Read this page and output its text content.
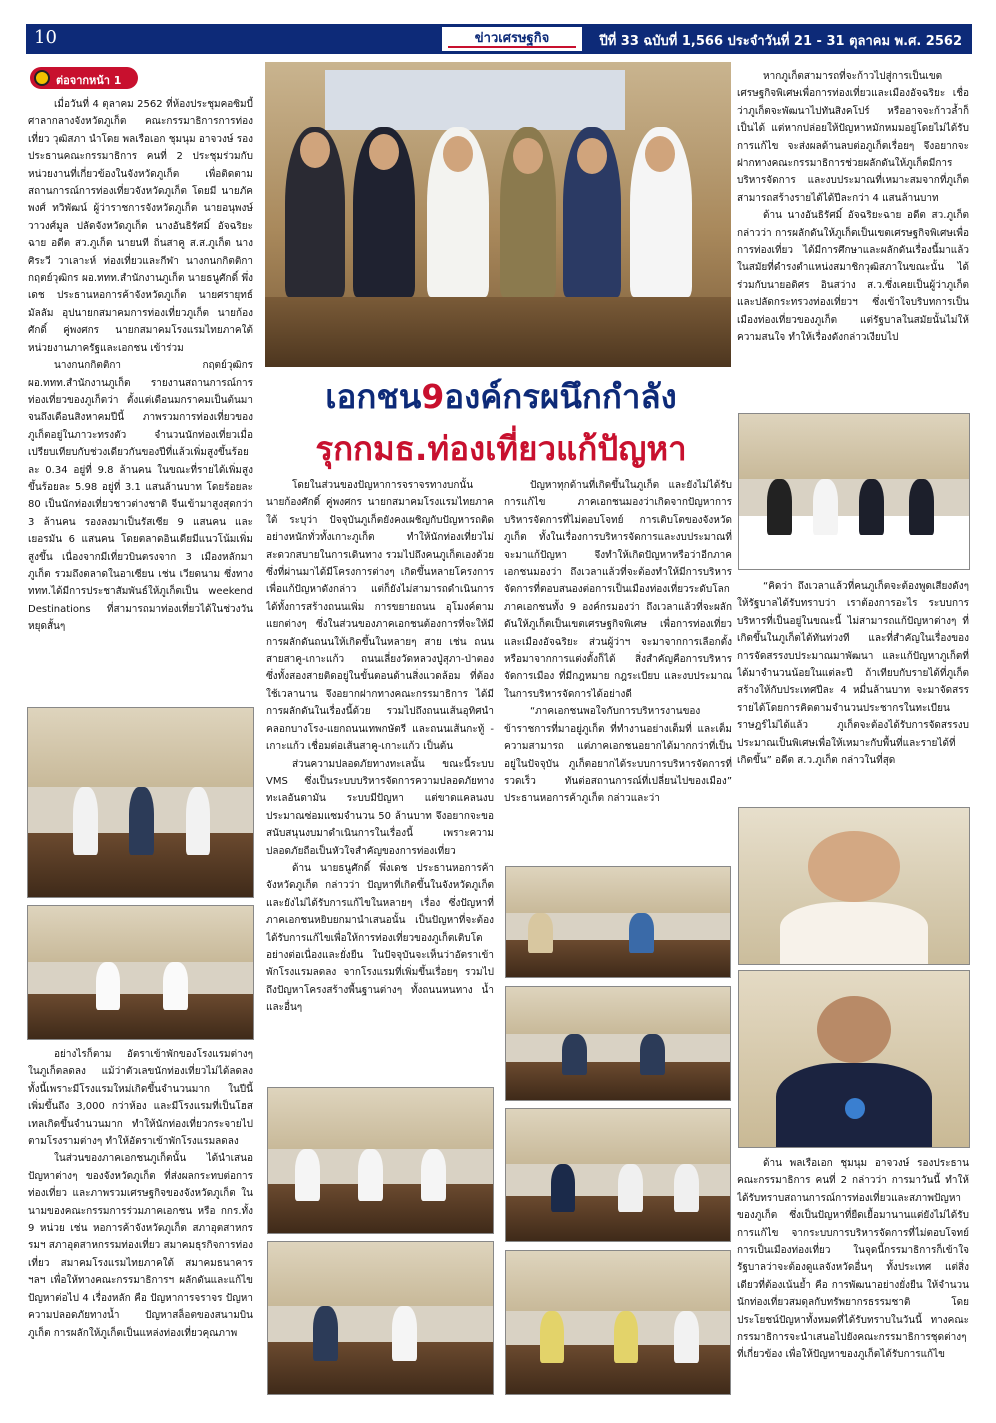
10	ข่าวเศรษฐกิจ	ปีที่ 33 ฉบับที่ 1,566 ประจำวันที่ 21 - 31 ตุลาคม พ.ศ. 2562
ต่อจากหน้า 1

เมื่อวันที่ 4 ตุลาคม 2562 ที่ห้องประชุมคอซิมบี้ ศาลากลางจังหวัดภูเก็ต คณะกรรมาธิการการท่องเที่ยว วุฒิสภา นำโดย พลเรือเอก ชุมนุม อาจวงษ์ รองประธานคณะกรรมาธิการ คนที่ 2 ประชุมร่วมกับหน่วยงานที่เกี่ยวข้องในจังหวัดภูเก็ต เพื่อติดตามสถานการณ์การท่องเที่ยวจังหวัดภูเก็ต โดยมี นายภัคพงศ์ ทวิพัฒน์ ผู้ว่าราชการจังหวัดภูเก็ต นายอนุพงษ์ วาวงศ์มูล ปลัดจังหวัดภูเก็ต นางอันธิรัศมิ์ อัจฉริยะฉาย อดีต สว.ภูเก็ต นายนที ถิ่นสาคู ส.ส.ภูเก็ต นางศิระวี วาเลาะห์ ท่องเที่ยวและกีฬา นางกนกกิตติกา กฤตย์วุฒิกร ผอ.ททท.สำนักงานภูเก็ต นายธนูศักดิ์ พึ่งเดช ประธานหอการค้าจังหวัดภูเก็ต นายศรายุทธ์ มัลลัม อุปนายกสมาคมการท่องเที่ยวภูเก็ต นายก้องศักดิ์ คู่พงศกร นายกสมาคมโรงแรมไทยภาคใต้ หน่วยงานภาครัฐและเอกชน เข้าร่วม

นางกนกกิตติกา กฤตย์วุฒิกร ผอ.ททท.สำนักงานภูเก็ต รายงานสถานการณ์การท่องเที่ยวของภูเก็ตว่า ตั้งแต่เดือนมกราคมเป็นต้นมาจนถึงเดือนสิงหาคมปีนี้ ภาพรวมการท่องเที่ยวของภูเก็ตอยู่ในภาวะทรงตัว จำนวนนักท่องเที่ยวเมื่อเปรียบเทียบกับช่วงเดียวกันของปีที่แล้วเพิ่มสูงขึ้นร้อยละ 0.34 อยู่ที่ 9.8 ล้านคน ในขณะที่รายได้เพิ่มสูงขึ้นร้อยละ 5.98 อยู่ที่ 3.1 แสนล้านบาท โดยร้อยละ 80 เป็นนักท่องเที่ยวชาวต่างชาติ จีนเข้ามาสูงสุดกว่า 3 ล้านคน รองลงมาเป็นรัสเซีย 9 แสนคน และเยอรมัน 6 แสนคน โดยตลาดอินเดียมีแนวโน้มเพิ่มสูงขึ้น เนื่องจากมีเที่ยวบินตรงจาก 3 เมืองหลักมาภูเก็ต รวมถึงตลาดในอาเซียน เช่น เวียดนาม ซึ่งทางททท.ได้มีการประชาสัมพันธ์ให้ภูเก็ตเป็น weekend Destinations ที่สามารถมาท่องเที่ยวได้ในช่วงวันหยุดสั้นๆ

อย่างไรก็ตาม อัตราเข้าพักของโรงแรมต่างๆ ในภูเก็ตลดลง แม้ว่าตัวเลขนักท่องเที่ยวไม่ได้ลดลง ทั้งนี้เพราะมีโรงแรมใหม่เกิดขึ้นจำนวนมาก ในปีนี้เพิ่มขึ้นถึง 3,000 กว่าห้อง และมีโรงแรมที่เป็นโฮสเทลเกิดขึ้นจำนวนมาก ทำให้นักท่องเที่ยวกระจายไปตามโรงรามต่างๆ ทำให้อัตราเข้าพักโรงแรมลดลง

ในส่วนของภาคเอกชนภูเก็ตนั้น ได้นำเสนอปัญหาต่างๆ ของจังหวัดภูเก็ต ที่ส่งผลกระทบต่อการท่องเที่ยว และภาพรวมเศรษฐกิจของจังหวัดภูเก็ต ในนามของคณะกรรมการร่วมภาคเอกชน หรือ กกร.ทั้ง 9 หน่วย เช่น หอการค้าจังหวัดภูเก็ต สภาอุตสาหกรรมฯ สภาอุตสาหกรรมท่องเที่ยว สมาคมธุรกิจการท่องเที่ยว สมาคมโรงแรมไทยภาคใต้ สมาคมธนาคาร ฯลฯ เพื่อให้ทางคณะกรรมาธิการฯ ผลักดันและแก้ไขปัญหาต่อไป 4 เรื่องหลัก คือ ปัญหาการจราจร ปัญหาความปลอดภัยทางน้ำ ปัญหาสล็อตของสนามบินภูเก็ต การผลักให้ภูเก็ตเป็นแหล่งท่องเที่ยวคุณภาพ

เอกชน9องค์กรผนึกกำลัง
รุกกมธ.ท่องเที่ยวแก้ปัญหา

หากภูเก็ตสามารถที่จะก้าวไปสู่การเป็นเขตเศรษฐกิจพิเศษเพื่อการท่องเที่ยวและเมืองอัจฉริยะ เชื่อว่าภูเก็ตจะพัฒนาไปทันสิงคโปร์ หรืออาจจะก้าวล้ำก็เป็นได้ แต่หากปล่อยให้ปัญหาหมักหมมอยู่โดยไม่ได้รับการแก้ไข จะส่งผลด้านลบต่อภูเก็ตเรื่อยๆ จึงอยากจะฝากทางคณะกรรมาธิการช่วยผลักดันให้ภูเก็ตมีการบริหารจัดการ และงบประมาณที่เหมาะสมจากที่ภูเก็ตสามารถสร้างรายได้ได้ปีละกว่า 4 แสนล้านบาท

ด้าน นางอันธิรัศมิ์ อัจฉริยะฉาย อดีต สว.ภูเก็ต กล่าวว่า การผลักดันให้ภูเก็ตเป็นเขตเศรษฐกิจพิเศษเพื่อการท่องเที่ยว ได้มีการศึกษาและผลักดันเรื่องนี้มาแล้ว ในสมัยที่ดำรงตำแหน่งสมาชิกวุฒิสภาในขณะนั้น ได้ร่วมกับนายอดิศร อินสว่าง ส.ว.ซึ่งเคยเป็นผู้ว่าภูเก็ต และปลัดกระทรวงท่องเที่ยวฯ ซึ่งเข้าใจบริบทการเป็นเมืองท่องเที่ยวของภูเก็ต แต่รัฐบาลในสมัยนั้นไม่ให้ความสนใจ ทำให้เรื่องดังกล่าวเงียบไป

โดยในส่วนของปัญหาการจราจรทางบกนั้น นายก้องศักดิ์ คู่พงศกร นายกสมาคมโรงแรมไทยภาคใต้ ระบุว่า ปัจจุบันภูเก็ตยังคงเผชิญกับปัญหารถติดอย่างหนักทั่วทั้งเกาะภูเก็ต ทำให้นักท่องเที่ยวไม่สะดวกสบายในการเดินทาง รวมไปถึงคนภูเก็ตเองด้วย ซึ่งที่ผ่านมาได้มีโครงการต่างๆ เกิดขึ้นหลายโครงการ เพื่อแก้ปัญหาดังกล่าว แต่ก็ยังไม่สามารถดำเนินการได้ทั้งการสร้างถนนเพิ่ม การขยายถนน อุโมงค์ตามแยกต่างๆ ซึ่งในส่วนของภาคเอกชนต้องการที่จะให้มีการผลักดันถนนให้เกิดขึ้นในหลายๆ สาย เช่น ถนนสายสาคู-เกาะแก้ว ถนนเลี่ยงวัดหลวงปู่สุภา-ป่าตอง ซึ่งทั้งสองสายติดอยู่ในขั้นตอนด้านสิ่งแวดล้อม ที่ต้องใช้เวลานาน จึงอยากฝากทางคณะกรรมาธิการ ได้มีการผลักดันในเรื่องนี้ด้วย รวมไปถึงถนนเส้นอุทิศนำคลอกบางโรง-แยกถนนเทพกษัตรี และถนนเส้นกะทู้ - เกาะแก้ว เชื่อมต่อเส้นสาคู-เกาะแก้ว เป็นต้น

ส่วนความปลอดภัยทางทะเลนั้น ขณะนี้ระบบ VMS ซึ่งเป็นระบบบริหารจัดการความปลอดภัยทางทะเลอันดามัน ระบบมีปัญหา แต่ขาดแคลนงบประมาณซ่อมแซมจำนวน 50 ล้านบาท จึงอยากจะขอสนับสนุนงบมาดำเนินการในเรื่องนี้ เพราะความปลอดภัยถือเป็นหัวใจสำคัญของการท่องเที่ยว

ด้าน นายธนูศักดิ์ พึ่งเดช ประธานหอการค้าจังหวัดภูเก็ต กล่าวว่า ปัญหาที่เกิดขึ้นในจังหวัดภูเก็ตและยังไม่ได้รับการแก้ไขในหลายๆ เรื่อง ซึ่งปัญหาที่ภาคเอกชนหยิบยกมานำเสนอนั้น เป็นปัญหาที่จะต้องได้รับการแก้ไขเพื่อให้การท่องเที่ยวของภูเก็ตเติบโตอย่างต่อเนื่องและยั่งยืน ในปัจจุบันจะเห็นว่าอัตราเข้าพักโรงแรมลดลง จากโรงแรมที่เพิ่มขึ้นเรื่อยๆ รวมไปถึงปัญหาโครงสร้างพื้นฐานต่างๆ ทั้งถนนหนทาง น้ำ และอื่นๆ

ปัญหาทุกด้านที่เกิดขึ้นในภูเก็ต และยังไม่ได้รับการแก้ไข ภาคเอกชนมองว่าเกิดจากปัญหาการบริหารจัดการที่ไม่ตอบโจทย์ การเติบโตของจังหวัดภูเก็ต ทั้งในเรื่องการบริหารจัดการและงบประมาณที่จะมาแก้ปัญหา จึงทำให้เกิดปัญหาหรือว่าอีกภาคเอกชนมองว่า ถึงเวลาแล้วที่จะต้องทำให้มีการบริหารจัดการที่ตอบสนองต่อการเป็นเมืองท่องเที่ยวระดับโลก ภาคเอกชนทั้ง 9 องค์กรมองว่า ถึงเวลาแล้วที่จะผลักดันให้ภูเก็ตเป็นเขตเศรษฐกิจพิเศษ เพื่อการท่องเที่ยวและเมืองอัจฉริยะ ส่วนผู้ว่าฯ จะมาจากการเลือกตั้งหรือมาจากการแต่งตั้งก็ได้ สิ่งสำคัญคือการบริหารจัดการเมือง ที่มีกฎหมาย กฎระเบียบ และงบประมาณในการบริหารจัดการได้อย่างดี

“ภาคเอกชนพอใจกับการบริหารงานของข้าราชการที่มาอยู่ภูเก็ต ที่ทำงานอย่างเต็มที่ และเต็มความสามารถ แต่ภาคเอกชนอยากได้มากกว่าที่เป็นอยู่ในปัจจุบัน ภูเก็ตอยากได้ระบบการบริหารจัดการที่รวดเร็ว ทันต่อสถานการณ์ที่เปลี่ยนไปของเมือง” ประธานหอการค้าภูเก็ต กล่าวและว่า

“คิดว่า ถึงเวลาแล้วที่คนภูเก็ตจะต้องพูดเสียงดังๆ ให้รัฐบาลได้รับทราบว่า เราต้องการอะไร ระบบการบริหารที่เป็นอยู่ในขณะนี้ ไม่สามารถแก้ปัญหาต่างๆ ที่เกิดขึ้นในภูเก็ตได้ทันท่วงที และที่สำคัญในเรื่องของการจัดสรรงบประมาณมาพัฒนา และแก้ปัญหาภูเก็ตที่ได้มาจำนวนน้อยในแต่ละปี ถ้าเทียบกับรายได้ที่ภูเก็ตสร้างให้กับประเทศปีละ 4 หมื่นล้านบาท จะมาจัดสรรรายได้โดยการคิดตามจำนวนประชากรในทะเบียนราษฎร์ไม่ได้แล้ว ภูเก็ตจะต้องได้รับการจัดสรรงบประมาณเป็นพิเศษเพื่อให้เหมาะกับพื้นที่และรายได้ที่เกิดขึ้น” อดีต ส.ว.ภูเก็ต กล่าวในที่สุด

ด้าน พลเรือเอก ชุมนุม อาจวงษ์ รองประธานคณะกรรมาธิการ คนที่ 2 กล่าวว่า การมาวันนี้ ทำให้ได้รับทราบสถานการณ์การท่องเที่ยวและสภาพปัญหาของภูเก็ต ซึ่งเป็นปัญหาที่ยืดเยื้อมานานแต่ยังไม่ได้รับการแก้ไข จากระบบการบริหารจัดการที่ไม่ตอบโจทย์ การเป็นเมืองท่องเที่ยว ในจุดนี้กรรมาธิการก็เข้าใจรัฐบาลว่าจะต้องดูแลจังหวัดอื่นๆ ทั้งประเทศ แต่สิ่งเดียวที่ต้องเน้นย้ำ คือ การพัฒนาอย่างยั่งยืน ให้จำนวนนักท่องเที่ยวสมดุลกับทรัพยากรธรรมชาติ โดยประโยชน์ปัญหาทั้งหมดที่ได้รับทราบในวันนี้ ทางคณะกรรมาธิการจะนำเสนอไปยังคณะกรรมาธิการชุดต่างๆ ที่เกี่ยวข้อง เพื่อให้ปัญหาของภูเก็ตได้รับการแก้ไข
